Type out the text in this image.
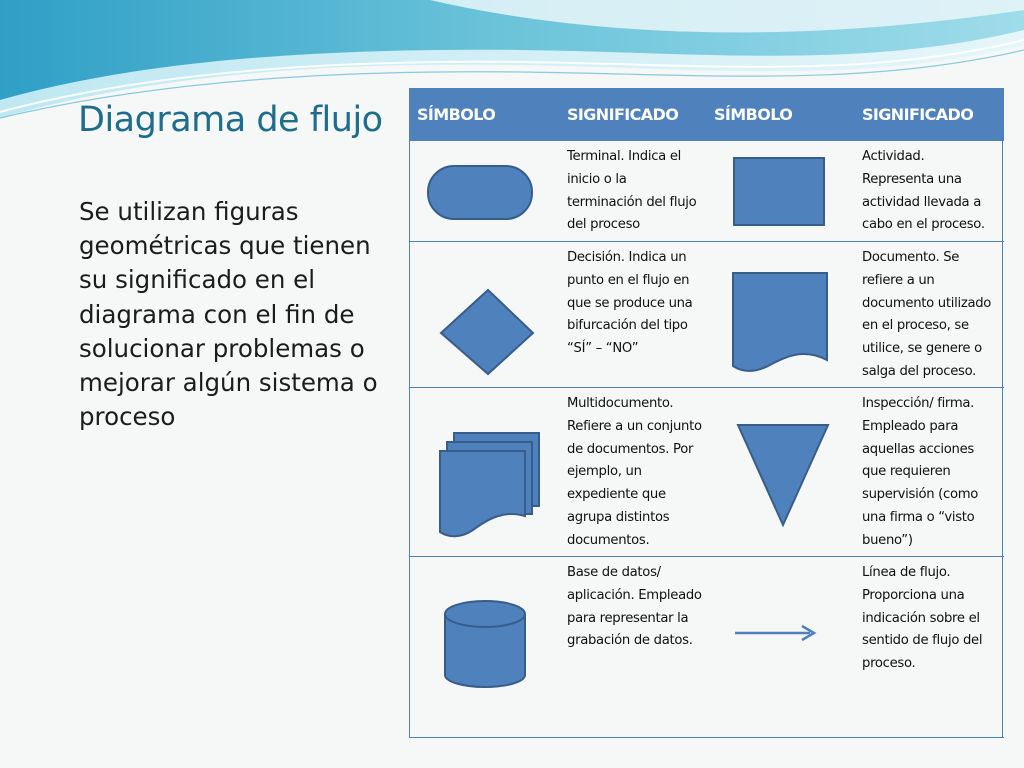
Diagrama de flujo

Se utilizan figuras geométricas que tienen su significado en el diagrama con el fin de solucionar problemas o mejorar algún sistema o proceso

SÍMBOLO	SIGNIFICADO	SÍMBOLO	SIGNIFICADO

	Terminal. Indica el inicio o la terminación del flujo del proceso		Actividad. Representa una actividad llevada a cabo en el proceso.

	Decisión. Indica un punto en el flujo en que se produce una bifurcación del tipo “SÍ” – “NO”		Documento. Se refiere a un documento utilizado en el proceso, se utilice, se genere o salga del proceso.

	Multidocumento. Refiere a un conjunto de documentos. Por ejemplo, un expediente que agrupa distintos documentos.		Inspección/ firma. Empleado para aquellas acciones que requieren supervisión (como una firma o “visto bueno”)

	Base de datos/ aplicación. Empleado para representar la grabación de datos.		Línea de flujo. Proporciona una indicación sobre el sentido de flujo del proceso.
